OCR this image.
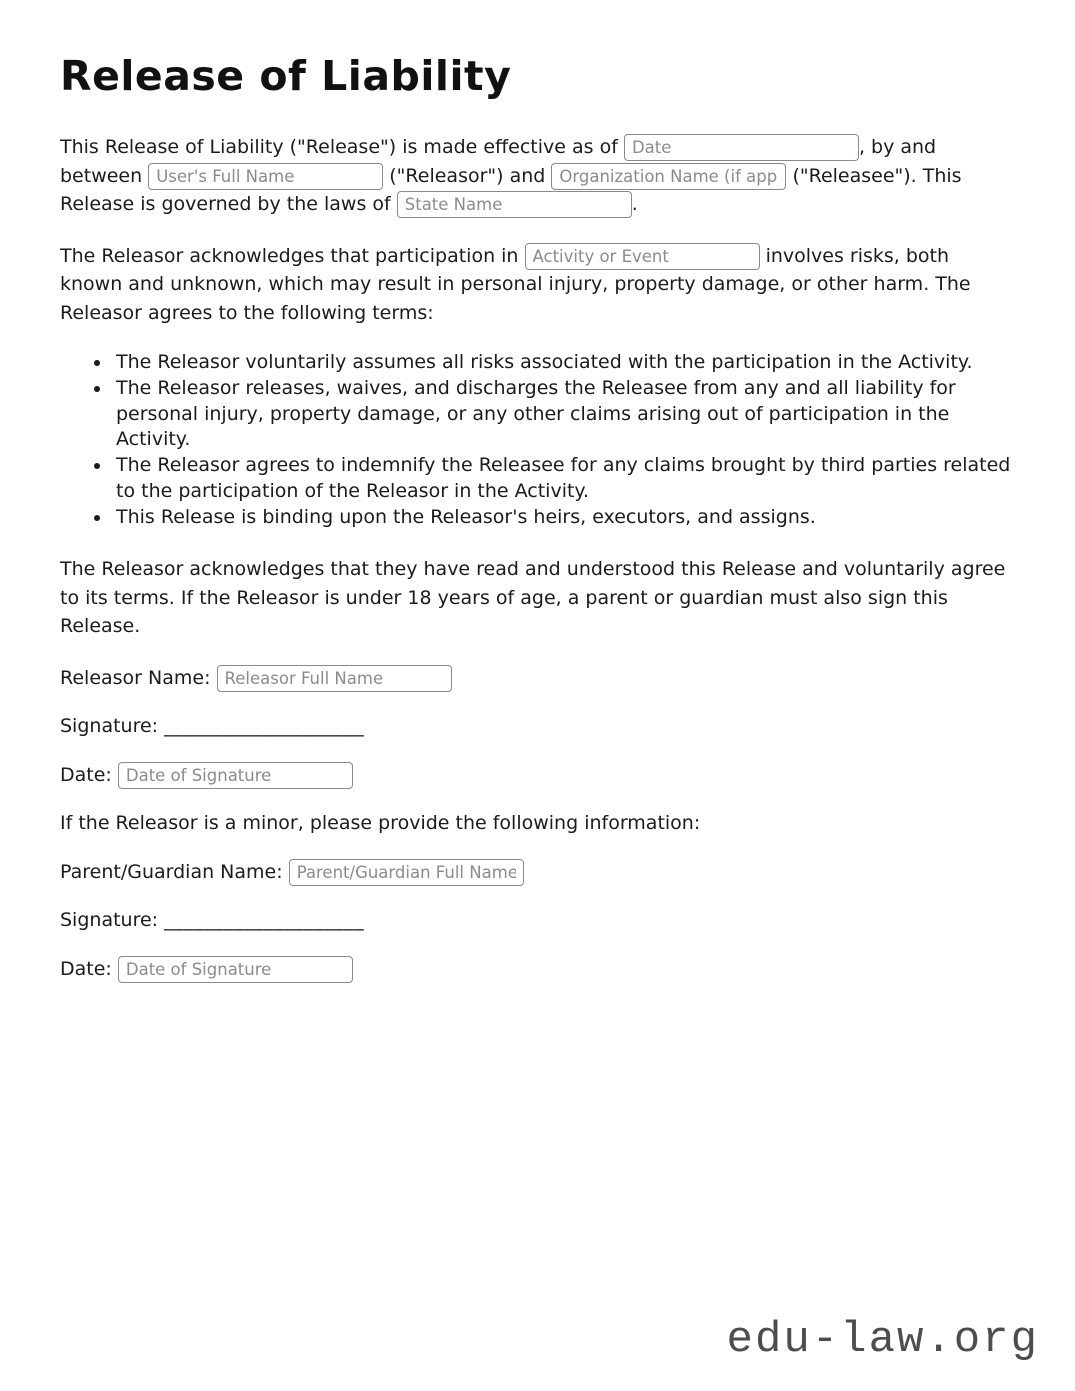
Release of Liability

This Release of Liability ("Release") is made effective as of Date	, by and between User's Full Name	("Releasor") and Organization Name (if applicable)	("Releasee"). This Release is governed by the laws of State Name	.

The Releasor acknowledges that participation in Activity or Event	involves risks, both known and unknown, which may result in personal injury, property damage, or other harm. The Releasor agrees to the following terms:

• The Releasor voluntarily assumes all risks associated with the participation in the Activity.
• The Releasor releases, waives, and discharges the Releasee from any and all liability for personal injury, property damage, or any other claims arising out of participation in the Activity.
• The Releasor agrees to indemnify the Releasee for any claims brought by third parties related to the participation of the Releasor in the Activity.
• This Release is binding upon the Releasor's heirs, executors, and assigns.

The Releasor acknowledges that they have read and understood this Release and voluntarily agree to its terms. If the Releasor is under 18 years of age, a parent or guardian must also sign this Release.

Releasor Name: Releasor Full Name

Signature: ____________________

Date: Date of Signature

If the Releasor is a minor, please provide the following information:

Parent/Guardian Name: Parent/Guardian Full Name

Signature: ____________________

Date: Date of Signature

edu-law.org
